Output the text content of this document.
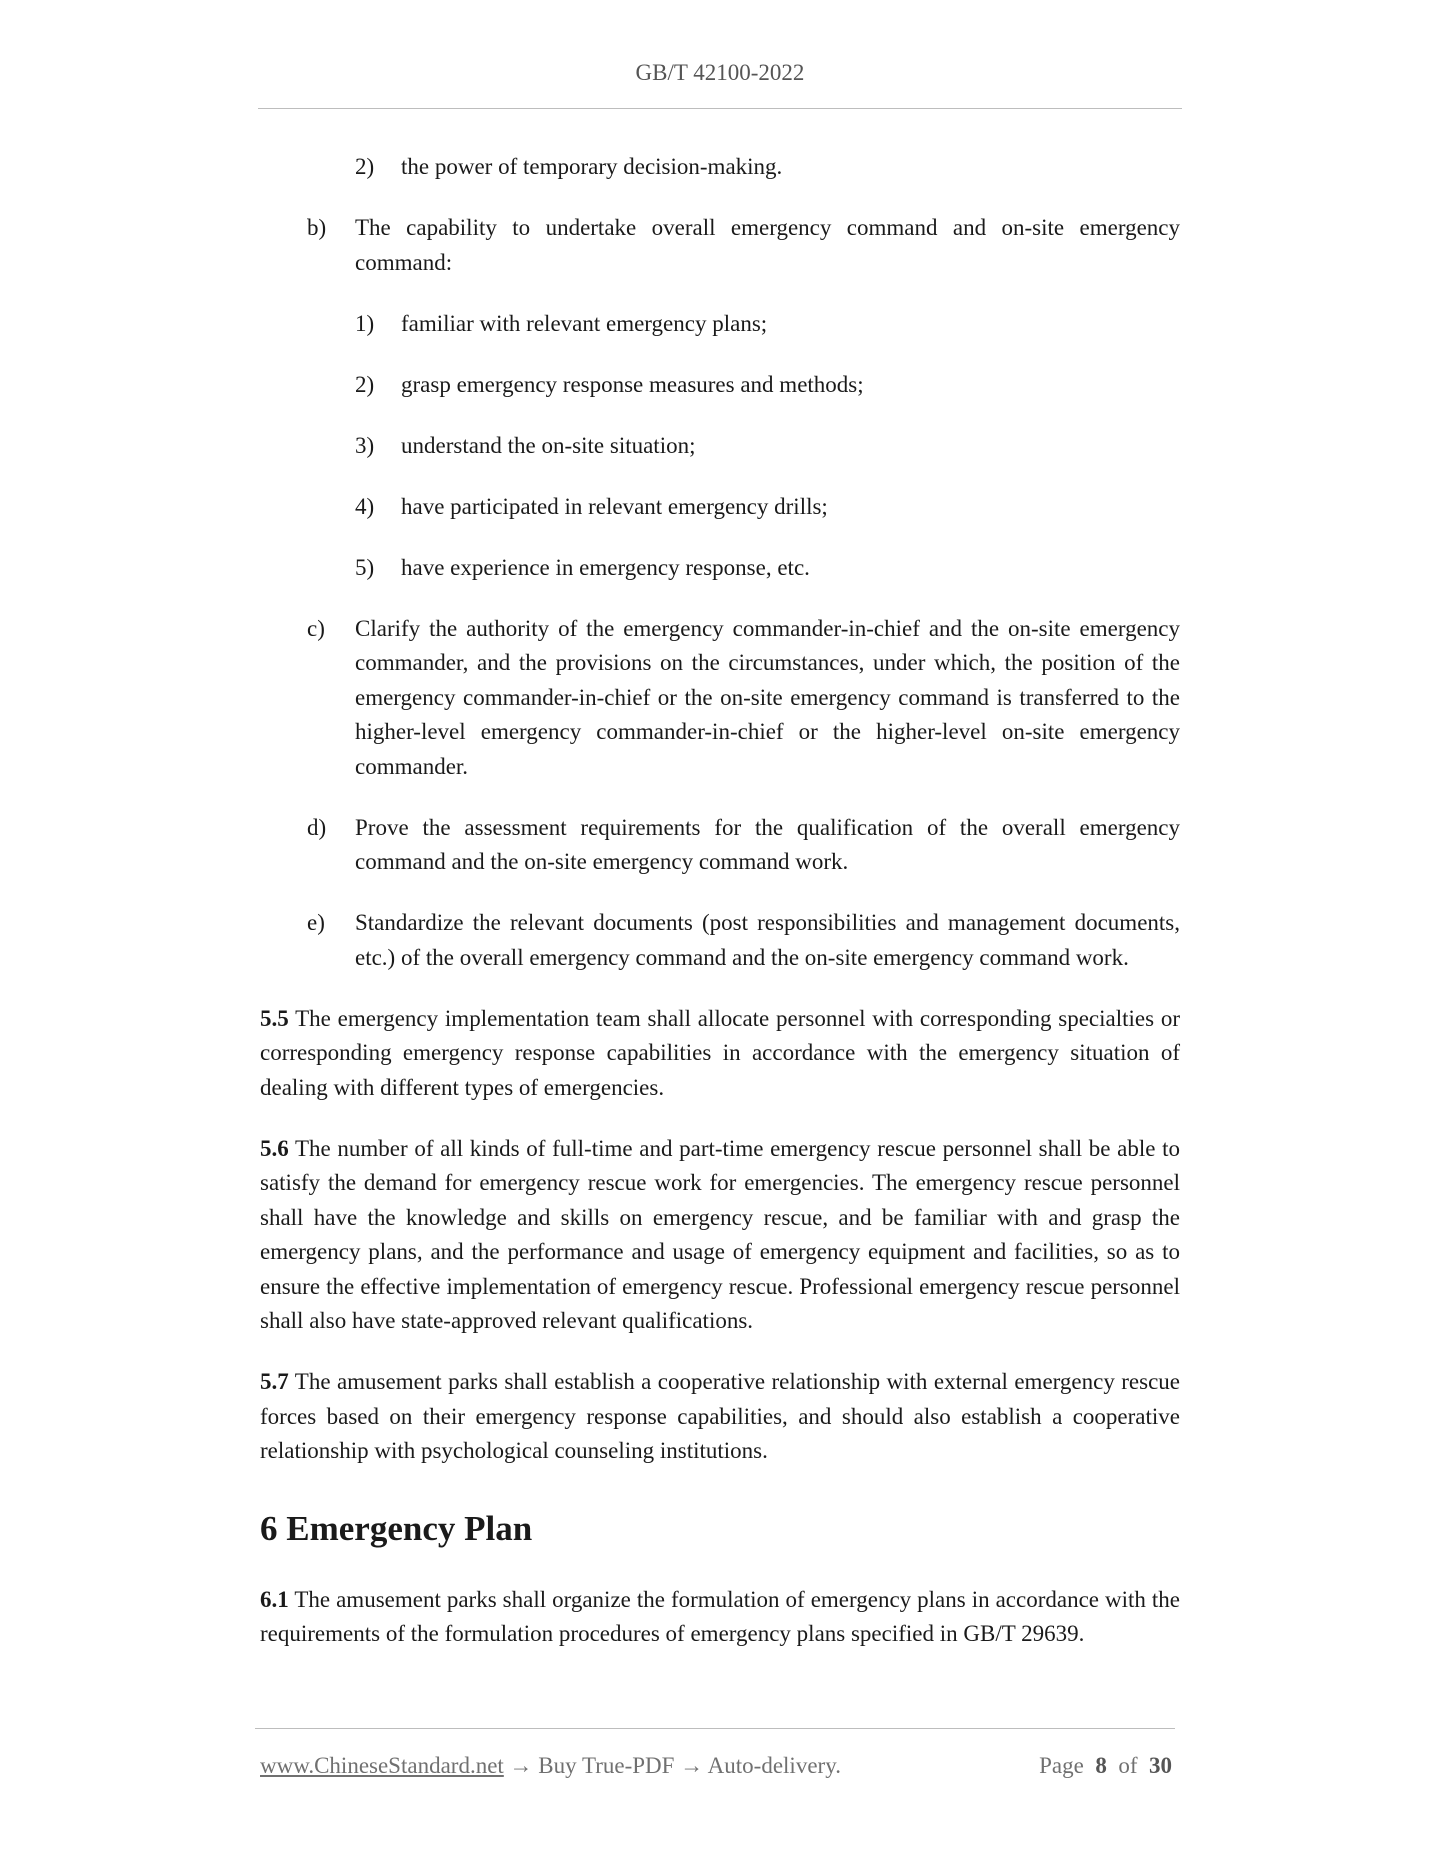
GB/T 42100-2022
2) the power of temporary decision-making.
b) The capability to undertake overall emergency command and on-site emergency command:
1) familiar with relevant emergency plans;
2) grasp emergency response measures and methods;
3) understand the on-site situation;
4) have participated in relevant emergency drills;
5) have experience in emergency response, etc.
c) Clarify the authority of the emergency commander-in-chief and the on-site emergency commander, and the provisions on the circumstances, under which, the position of the emergency commander-in-chief or the on-site emergency command is transferred to the higher-level emergency commander-in-chief or the higher-level on-site emergency commander.
d) Prove the assessment requirements for the qualification of the overall emergency command and the on-site emergency command work.
e) Standardize the relevant documents (post responsibilities and management documents, etc.) of the overall emergency command and the on-site emergency command work.

5.5 The emergency implementation team shall allocate personnel with corresponding specialties or corresponding emergency response capabilities in accordance with the emergency situation of dealing with different types of emergencies.

5.6 The number of all kinds of full-time and part-time emergency rescue personnel shall be able to satisfy the demand for emergency rescue work for emergencies. The emergency rescue personnel shall have the knowledge and skills on emergency rescue, and be familiar with and grasp the emergency plans, and the performance and usage of emergency equipment and facilities, so as to ensure the effective implementation of emergency rescue. Professional emergency rescue personnel shall also have state-approved relevant qualifications.

5.7 The amusement parks shall establish a cooperative relationship with external emergency rescue forces based on their emergency response capabilities, and should also establish a cooperative relationship with psychological counseling institutions.

6 Emergency Plan

6.1 The amusement parks shall organize the formulation of emergency plans in accordance with the requirements of the formulation procedures of emergency plans specified in GB/T 29639.

www.ChineseStandard.net → Buy True-PDF → Auto-delivery.	Page 8 of 30
